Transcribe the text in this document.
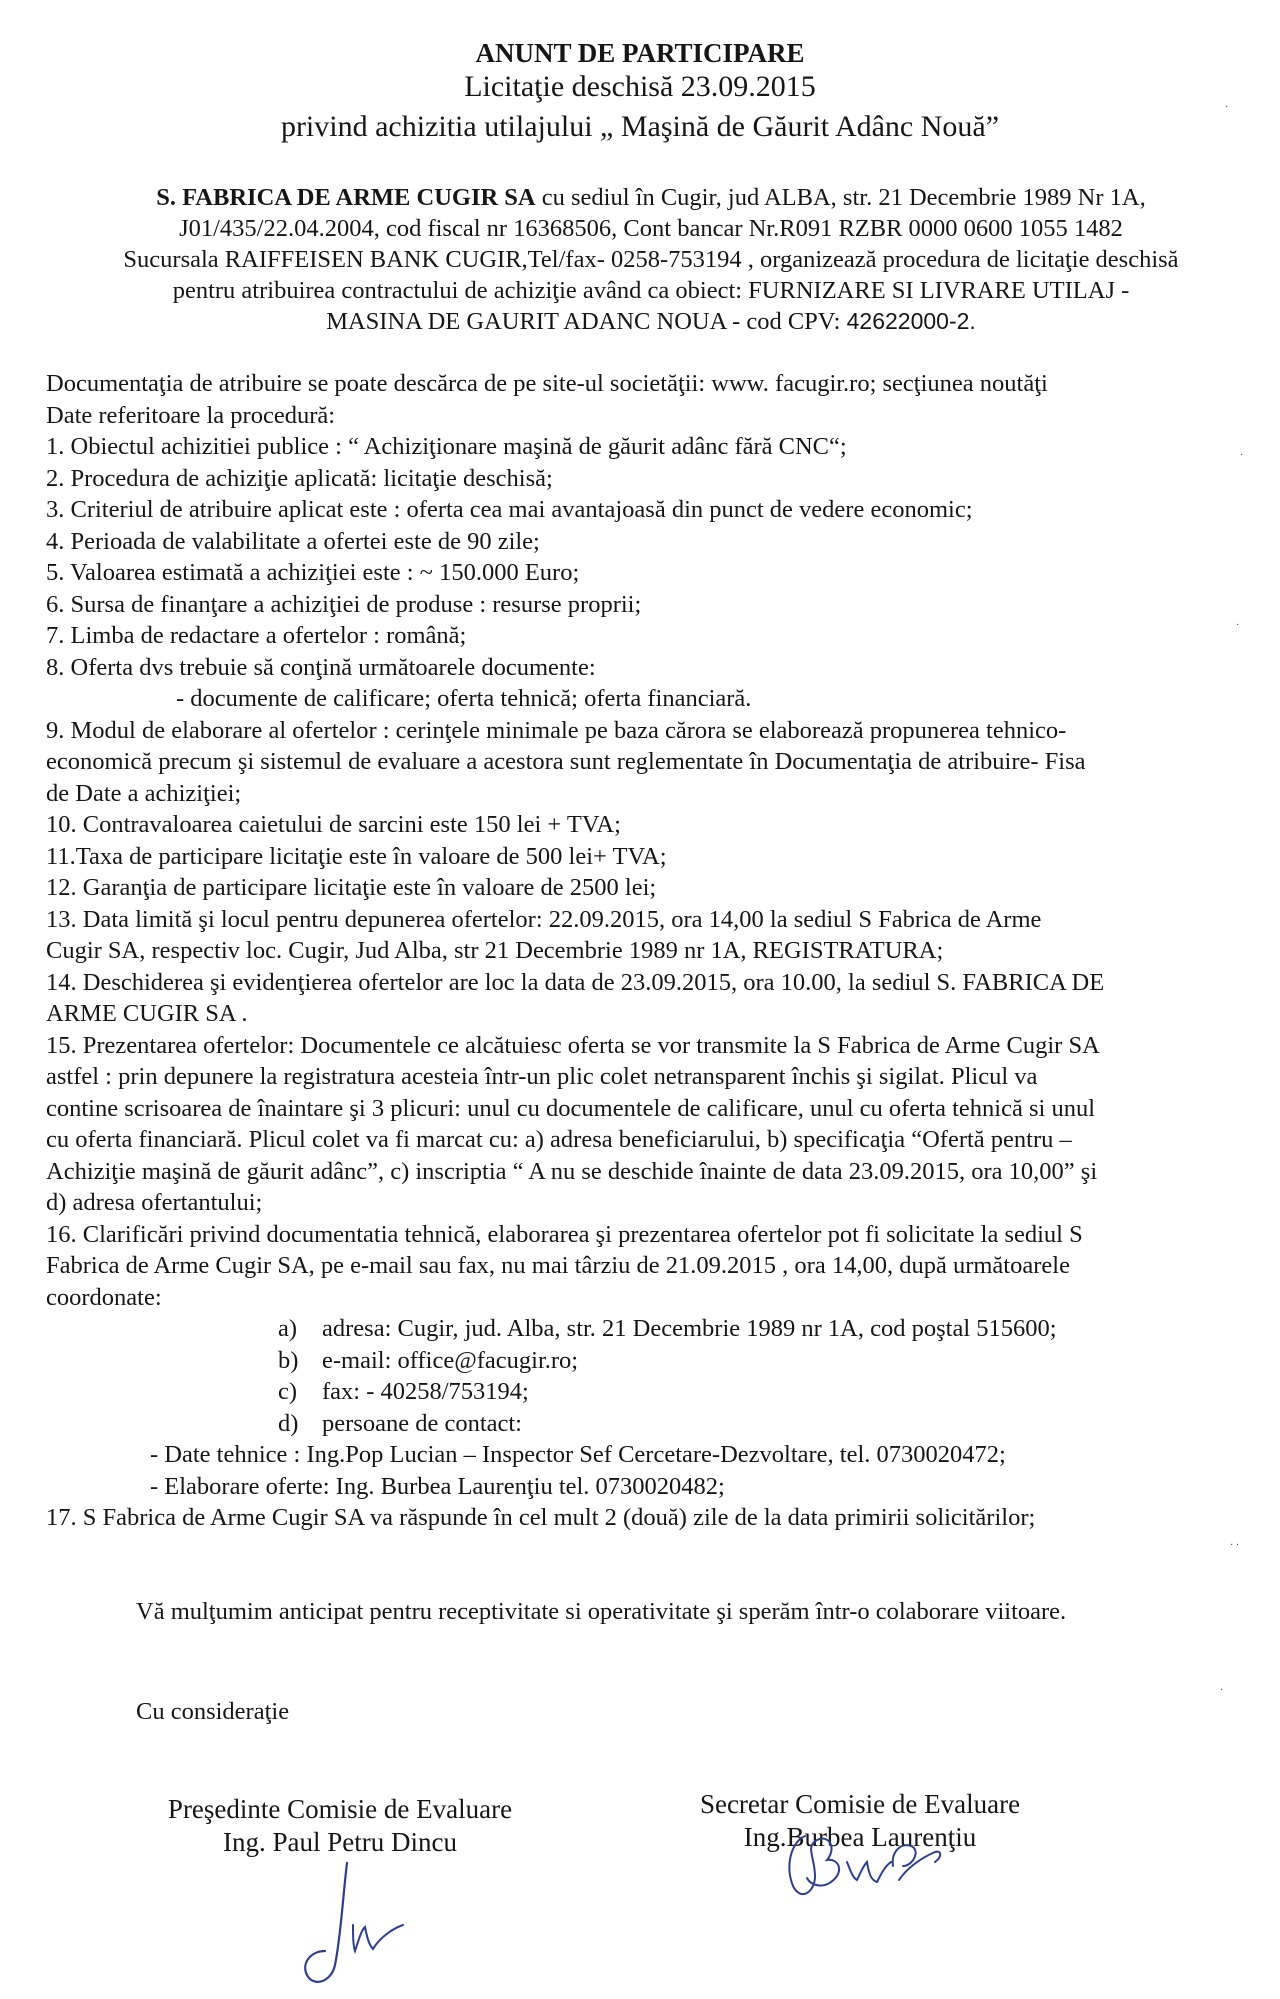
ANUNT DE PARTICIPARE
Licitaţie deschisă 23.09.2015
privind achizitia utilajului „ Maşină de Găurit Adânc Nouă”
S. FABRICA DE ARME CUGIR SA cu sediul în Cugir, jud ALBA, str. 21 Decembrie 1989 Nr 1A,
J01/435/22.04.2004, cod fiscal nr 16368506, Cont bancar Nr.R091 RZBR 0000 0600 1055 1482
Sucursala RAIFFEISEN BANK CUGIR,Tel/fax- 0258-753194 , organizează procedura de licitaţie deschisă
pentru atribuirea contractului de achiziţie având ca obiect: FURNIZARE SI LIVRARE UTILAJ -
MASINA DE GAURIT ADANC NOUA - cod CPV: 42622000-2.
Documentaţia de atribuire se poate descărca de pe site-ul societăţii: www. facugir.ro; secţiunea noutăţi
Date referitoare la procedură:
1. Obiectul achizitiei publice : “ Achiziţionare maşină de găurit adânc fără CNC“;
2. Procedura de achiziţie aplicată: licitaţie deschisă;
3. Criteriul de atribuire aplicat este : oferta cea mai avantajoasă din punct de vedere economic;
4. Perioada de valabilitate a ofertei este de 90 zile;
5. Valoarea estimată a achiziţiei este : ~ 150.000 Euro;
6. Sursa de finanţare a achiziţiei de produse : resurse proprii;
7. Limba de redactare a ofertelor : română;
8. Oferta dvs trebuie să conţină următoarele documente:
- documente de calificare; oferta tehnică; oferta financiară.
9. Modul de elaborare al ofertelor : cerinţele minimale pe baza cărora se elaborează propunerea tehnico-
economică precum şi sistemul de evaluare a acestora sunt reglementate în Documentaţia de atribuire- Fisa
de Date a achiziţiei;
10. Contravaloarea caietului de sarcini este 150 lei + TVA;
11.Taxa de participare licitaţie este în valoare de 500 lei+ TVA;
12. Garanţia de participare licitaţie este în valoare de 2500 lei;
13. Data limită şi locul pentru depunerea ofertelor: 22.09.2015, ora 14,00 la sediul S Fabrica de Arme
Cugir SA, respectiv loc. Cugir, Jud Alba, str 21 Decembrie 1989 nr 1A, REGISTRATURA;
14. Deschiderea şi evidenţierea ofertelor are loc la data de 23.09.2015, ora 10.00, la sediul S. FABRICA DE
ARME CUGIR SA .
15. Prezentarea ofertelor: Documentele ce alcătuiesc oferta se vor transmite la S Fabrica de Arme Cugir SA
astfel : prin depunere la registratura acesteia într-un plic colet netransparent închis şi sigilat. Plicul va
contine scrisoarea de înaintare şi 3 plicuri: unul cu documentele de calificare, unul cu oferta tehnică si unul
cu oferta financiară. Plicul colet va fi marcat cu: a) adresa beneficiarului, b) specificaţia “Ofertă pentru –
Achiziţie maşină de găurit adânc”, c) inscriptia “ A nu se deschide înainte de data 23.09.2015, ora 10,00” şi
d) adresa ofertantului;
16. Clarificări privind documentatia tehnică, elaborarea şi prezentarea ofertelor pot fi solicitate la sediul S
Fabrica de Arme Cugir SA, pe e-mail sau fax, nu mai târziu de 21.09.2015 , ora 14,00, după următoarele
coordonate:
a)	adresa: Cugir, jud. Alba, str. 21 Decembrie 1989 nr 1A, cod poştal 515600;
b) e-mail: office@facugir.ro;
c)	fax: - 40258/753194;
d) persoane de contact:
- Date tehnice : Ing.Pop Lucian – Inspector Sef Cercetare-Dezvoltare, tel. 0730020472;
- Elaborare oferte: Ing. Burbea Laurenţiu tel. 0730020482;
17. S Fabrica de Arme Cugir SA va răspunde în cel mult 2 (două) zile de la data primirii solicitărilor;
Vă mulţumim anticipat pentru receptivitate si operativitate şi sperăm într-o colaborare viitoare.
Cu consideraţie
Preşedinte Comisie de Evaluare
Ing. Paul Petru Dincu
Secretar Comisie de Evaluare
Ing.Burbea Laurenţiu
·
·
·
· ·
·
